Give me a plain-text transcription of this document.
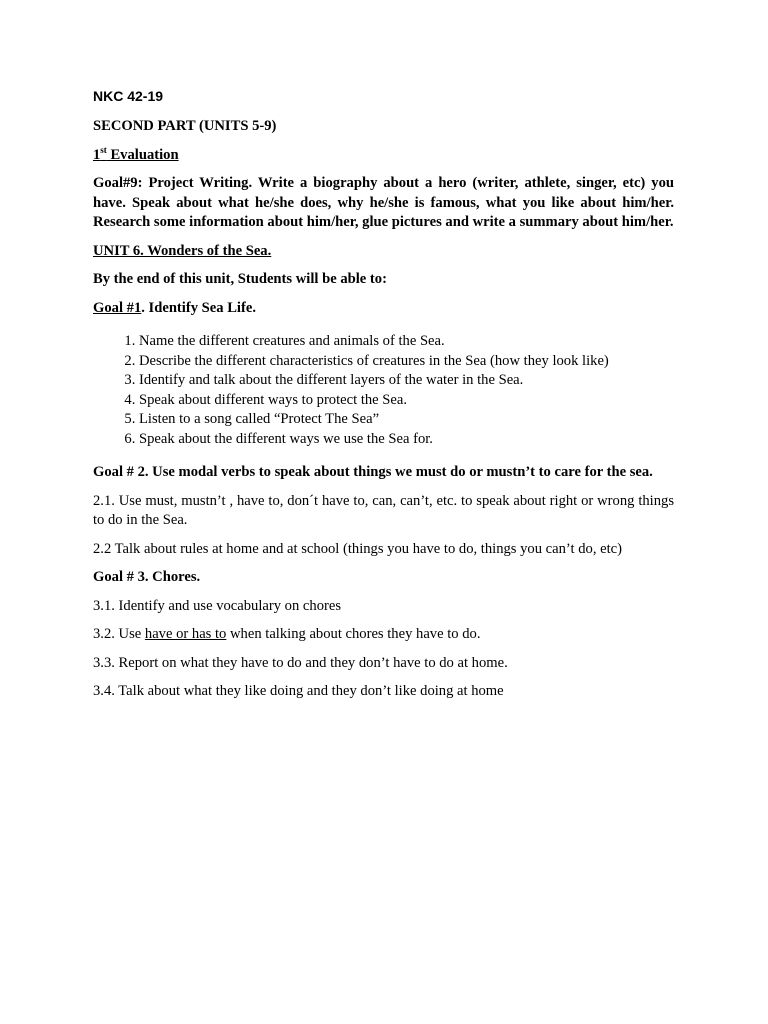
NKC 42-19

SECOND PART (UNITS 5-9)

1st Evaluation

Goal#9: Project Writing. Write a biography about a hero (writer, athlete, singer, etc) you have. Speak about what he/she does, why he/she is famous, what you like about him/her. Research some information about him/her, glue pictures and write a summary about him/her.

UNIT 6. Wonders of the Sea.

By the end of this unit, Students will be able to:

Goal #1. Identify Sea Life.

1. Name the different creatures and animals of the Sea.
2. Describe the different characteristics of creatures in the Sea (how they look like)
3. Identify and talk about the different layers of the water in the Sea.
4. Speak about different ways to protect the Sea.
5. Listen to a song called “Protect The Sea”
6. Speak about the different ways we use the Sea for.

Goal # 2. Use modal verbs to speak about things we must do or mustn’t to care for the sea.

2.1. Use must, mustn’t , have to, don´t have to, can, can’t, etc. to speak about right or wrong things to do in the Sea.

2.2 Talk about rules at home and at school (things you have to do, things you can’t do, etc)

Goal # 3. Chores.

3.1. Identify and use vocabulary on chores

3.2. Use have or has to when talking about chores they have to do.

3.3. Report on what they have to do and they don’t have to do at home.

3.4. Talk about what they like doing and they don’t like doing at home
